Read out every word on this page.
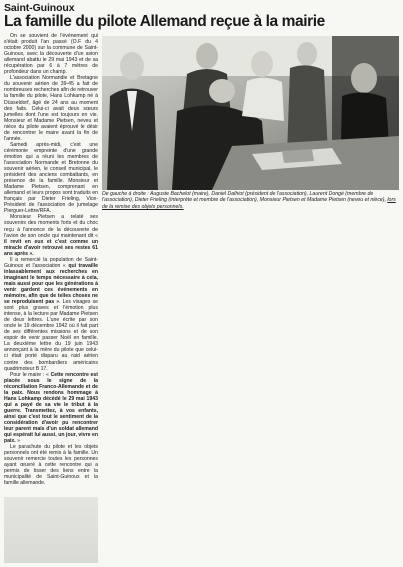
Saint-Guinoux
La famille du pilote Allemand reçue à la mairie

On se souvient de l'événement qui s'était produit l'an passé (O.F du 4 octobre 2000) sur la commune de Saint-Guinoux, avec la découverte d'un avion allemand abattu le 29 mai 1943 et de sa récupération par 6 à 7 mètres de profondeur dans un champ.

L'association Normandie et Bretagne du souvenir aérien de 39-45 a fait de nombreuses recherches afin de retrouver la famille du pilote, Hans Lohkamp né à Düsseldorf, âgé de 24 ans au moment des faits. Celui-ci avait deux sœurs jumelles dont l'une est toujours en vie. Monsieur et Madame Pietsen, neveu et nièce du pilote avaient éprouvé le désir de rencontrer le maire avant la fin de l'année.

Samedi après-midi, c'est une cérémonie empreinte d'une grande émotion qui a réuni les membres de l'association Normande et Bretonne du souvenir aérien, le conseil municipal, le président des anciens combattants, en présence de la famille. Monsieur et Madame Pietsen, comprenant en allemand et leurs propos sont traduits en français par Dieter Frieling, Vice-Président de l'association de jumelage Pierguer-Lettre/RFA.

Monsieur Pietsen a relaté ses souvenirs des moments forts et du choc reçu à l'annonce de la découverte de l'avion de son oncle qui maintenant dit « il revit en eux et c'est comme un miracle d'avoir retrouvé ses restes 61 ans après ».

Il a remercié la population de Saint-Guinoux et l'association « qui travaille inlassablement aux recherches en imaginant le temps nécessaire à cela, mais aussi pour que les générations à venir gardent ces événements en mémoire, afin que de telles choses ne se reproduisent pas ». Les visages se sont plus graves et l'émotion plus intense, à la lecture par Madame Pietsen de deux lettres. L'une écrite par son oncle le 19 décembre 1942 où il fait part de ses différentes missions et de son espoir de venir passer Noël en famille. La deuxième lettre du 19 juin 1943 annonçant à la mère du pilote que celui-ci était porté disparu au raid aérien contre des bombardiers américains quadrimoteur B 17.

Pour le maire : « Cette rencontre est placée sous le signe de la réconciliation Franco-Allemande et de la paix. Nous rendons hommage à Hans Lohkamp décédé le 29 mai 1943 qui a payé de sa vie le tribut à la guerre. Transmettez, à vos enfants, ainsi que c'est tout le sentiment de la considération d'avoir pu rencontrer leur parent mais d'un soldat allemand qui espérait lui aussi, un jour, vivre en paix. »

Le parachute du pilote et les objets personnels ont été remis à la famille. Un souvenir remercie toutes les personnes ayant œuvré à cette rencontre qui a permis de tisser des liens entre la municipalité de Saint-Guinoux et la famille allemande.

De gauche à droite : Auguste Bachelot (maire), Daniel Dalhiot (président de l'association), Laurent Dongé (membre de l'association), Dieter Frieling (interprète et membre de l'association), Monsieur Pietsen et Madame Pietsen (neveu et nièce), lors de la remise des objets personnels.
